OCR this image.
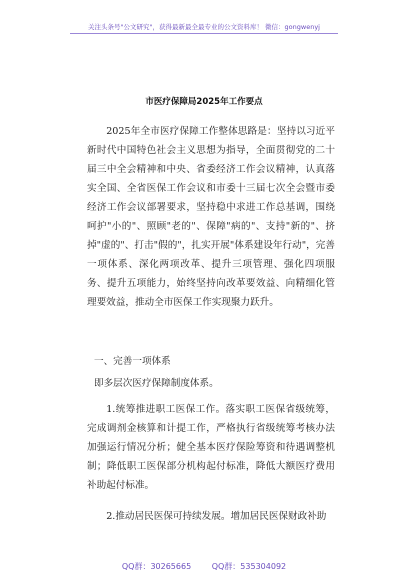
关注头条号"公文研究"，获得最新最全最专业的公文资料库！ 微信：gongwenyj
市医疗保障局2025年工作要点

2025年全市医疗保障工作整体思路是：坚持以习近平新时代中国特色社会主义思想为指导，全面贯彻党的二十届三中全会精神和中央、省委经济工作会议精神，认真落实全国、全省医保工作会议和市委十三届七次全会暨市委经济工作会议部署要求，坚持稳中求进工作总基调，围绕呵护"小的"、照顾"老的"、保障"病的"、支持"新的"、挤掉"虚的"、打击"假的"，扎实开展"体系建设年行动"，完善一项体系、深化两项改革、提升三项管理、强化四项服务、提升五项能力，始终坚持向改革要效益、向精细化管理要效益，推动全市医保工作实现聚力跃升。

一、完善一项体系

即多层次医疗保障制度体系。

1.统筹推进职工医保工作。落实职工医保省级统筹，完成调剂金核算和计提工作，严格执行省级统筹考核办法加强运行情况分析；健全基本医疗保险筹资和待遇调整机制；降低职工医保部分机构起付标准，降低大额医疗费用补助起付标准。

2.推动居民医保可持续发展。增加居民医保财政补助

QQ群：30265665	QQ群：535304092
